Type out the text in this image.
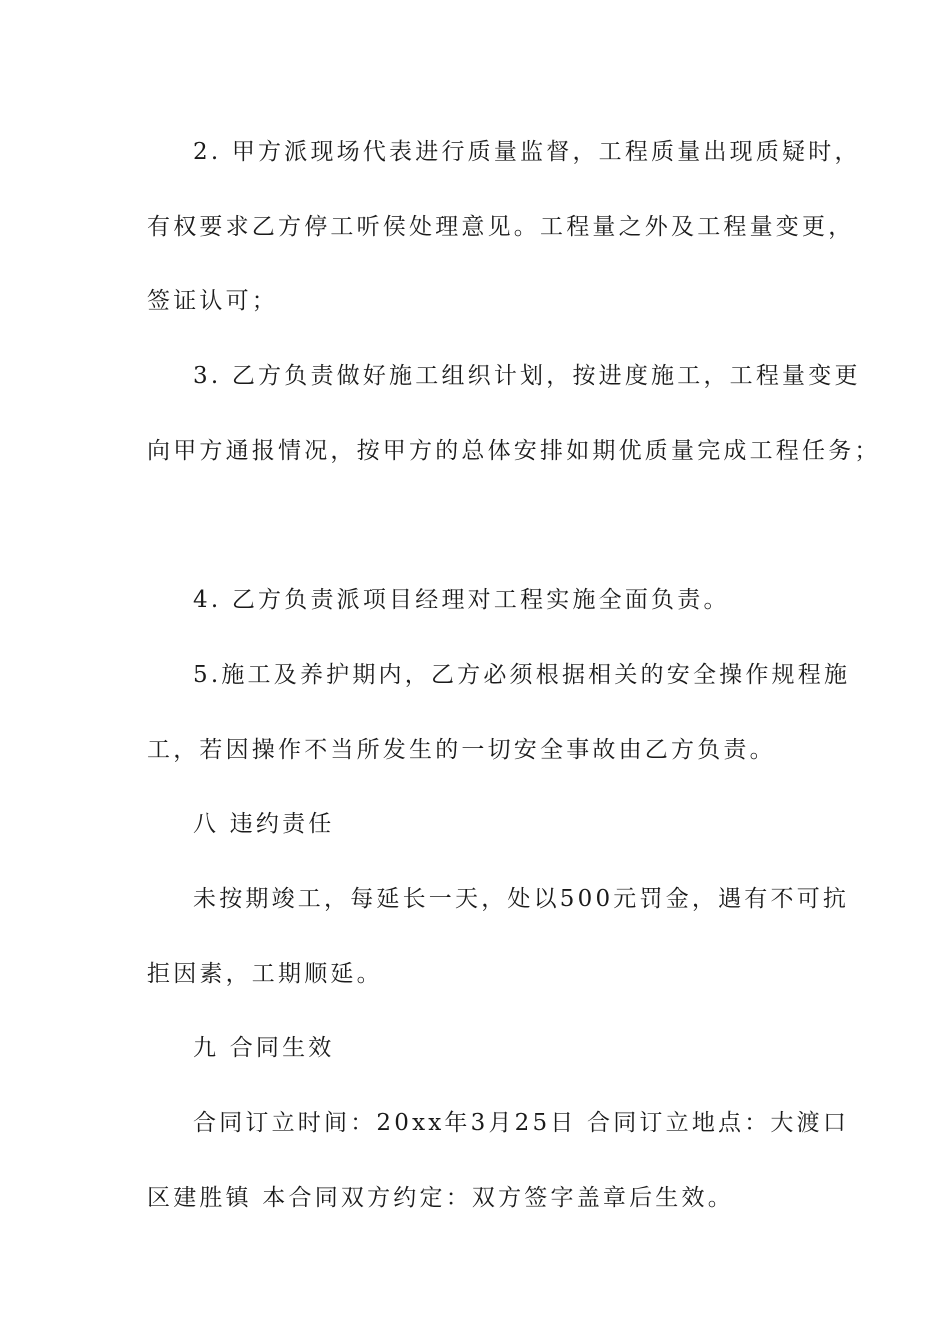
2. 甲方派现场代表进行质量监督，工程质量出现质疑时，
有权要求乙方停工听侯处理意见。工程量之外及工程量变更，
签证认可；
3. 乙方负责做好施工组织计划，按进度施工，工程量变更
向甲方通报情况，按甲方的总体安排如期优质量完成工程任务；
4. 乙方负责派项目经理对工程实施全面负责。
5.施工及养护期内，乙方必须根据相关的安全操作规程施
工，若因操作不当所发生的一切安全事故由乙方负责。
八 违约责任
未按期竣工，每延长一天，处以500元罚金，遇有不可抗
拒因素，工期顺延。
九 合同生效
合同订立时间：20xx年3月25日 合同订立地点：大渡口
区建胜镇 本合同双方约定：双方签字盖章后生效。
